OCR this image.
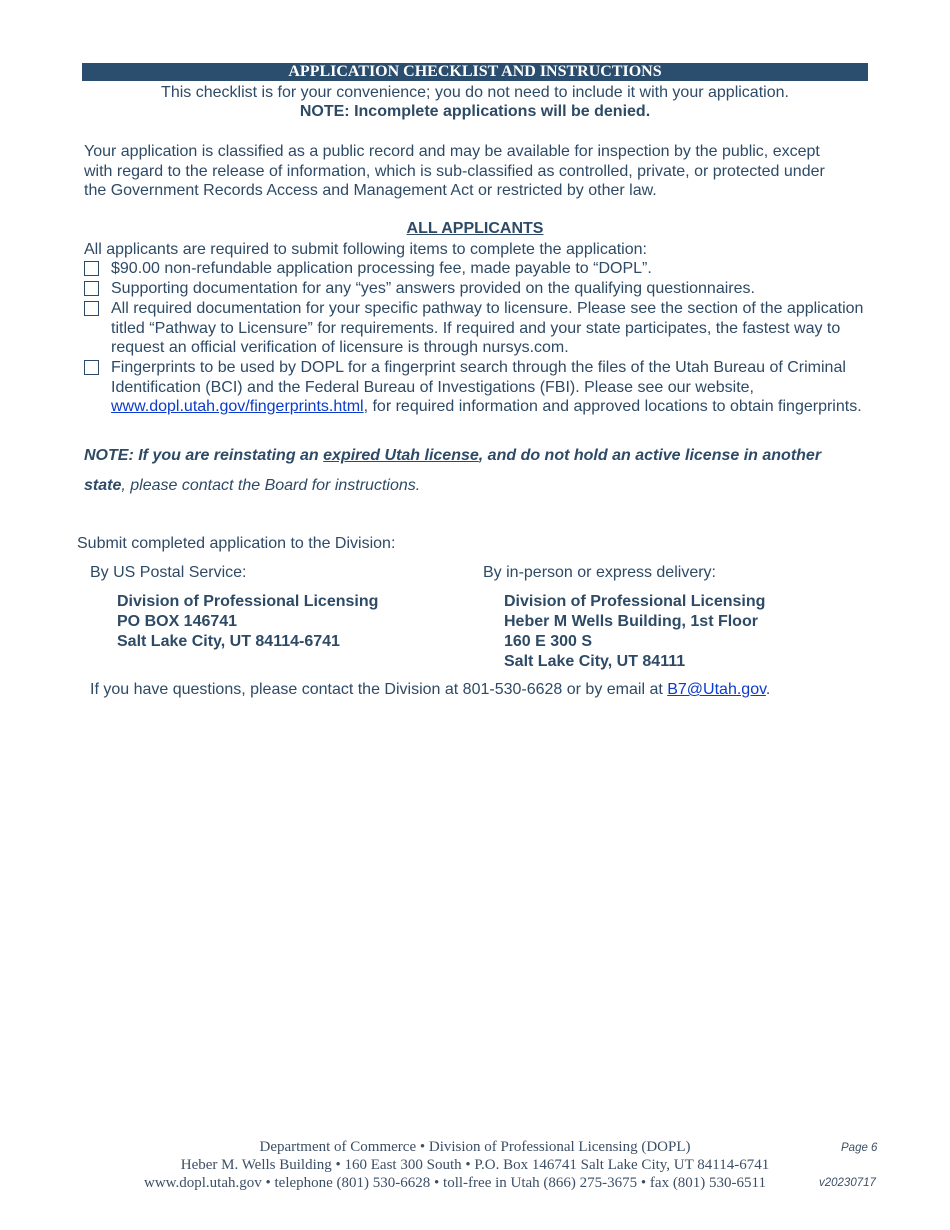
APPLICATION CHECKLIST AND INSTRUCTIONS
This checklist is for your convenience; you do not need to include it with your application.
NOTE: Incomplete applications will be denied.
Your application is classified as a public record and may be available for inspection by the public, except with regard to the release of information, which is sub-classified as controlled, private, or protected under the Government Records Access and Management Act or restricted by other law.
ALL APPLICANTS
All applicants are required to submit following items to complete the application:
$90.00 non-refundable application processing fee, made payable to “DOPL”.
Supporting documentation for any “yes” answers provided on the qualifying questionnaires.
All required documentation for your specific pathway to licensure. Please see the section of the application titled “Pathway to Licensure” for requirements. If required and your state participates, the fastest way to request an official verification of licensure is through nursys.com.
Fingerprints to be used by DOPL for a fingerprint search through the files of the Utah Bureau of Criminal Identification (BCI) and the Federal Bureau of Investigations (FBI). Please see our website, www.dopl.utah.gov/fingerprints.html, for required information and approved locations to obtain fingerprints.
NOTE: If you are reinstating an expired Utah license, and do not hold an active license in another state, please contact the Board for instructions.
Submit completed application to the Division:
By US Postal Service:
Division of Professional Licensing
PO BOX 146741
Salt Lake City, UT 84114-6741
By in-person or express delivery:
Division of Professional Licensing
Heber M Wells Building, 1st Floor
160 E 300 S
Salt Lake City, UT 84111
If you have questions, please contact the Division at 801-530-6628 or by email at B7@Utah.gov.
Department of Commerce • Division of Professional Licensing (DOPL)
Heber M. Wells Building • 160 East 300 South • P.O. Box 146741 Salt Lake City, UT 84114-6741
www.dopl.utah.gov • telephone (801) 530-6628 • toll-free in Utah (866) 275-3675 • fax (801) 530-6511
Page 6
v20230717
